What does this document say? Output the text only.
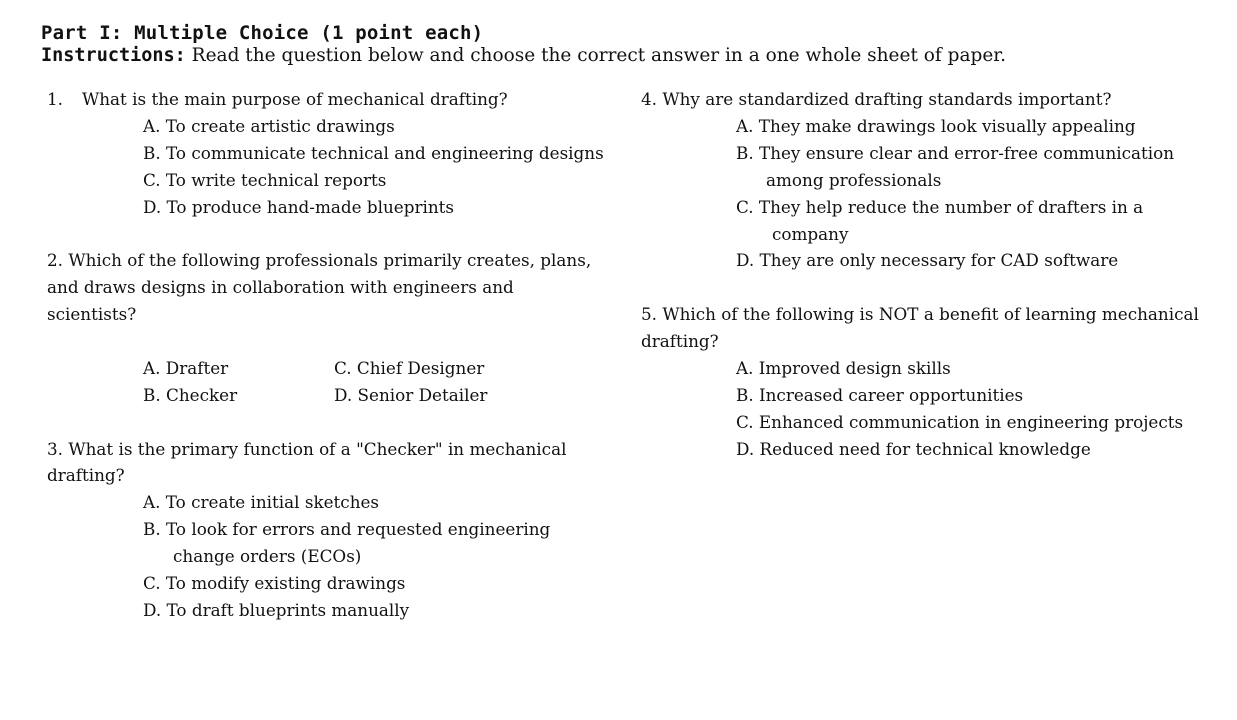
Part I: Multiple Choice (1 point each)
Instructions: Read the question below and choose the correct answer in a one whole sheet of paper.
1. What is the main purpose of mechanical drafting?
A. To create artistic drawings
B. To communicate technical and engineering designs
C. To write technical reports
D. To produce hand-made blueprints
2. Which of the following professionals primarily creates, plans,
and draws designs in collaboration with engineers and
scientists?
A. Drafter	C. Chief Designer
B. Checker	D. Senior Detailer
3. What is the primary function of a "Checker" in mechanical
drafting?
A. To create initial sketches
B. To look for errors and requested engineering
change orders (ECOs)
C. To modify existing drawings
D. To draft blueprints manually
4. Why are standardized drafting standards important?
A. They make drawings look visually appealing
B. They ensure clear and error-free communication
among professionals
C. They help reduce the number of drafters in a
company
D. They are only necessary for CAD software
5. Which of the following is NOT a benefit of learning mechanical
drafting?
A. Improved design skills
B. Increased career opportunities
C. Enhanced communication in engineering projects
D. Reduced need for technical knowledge
